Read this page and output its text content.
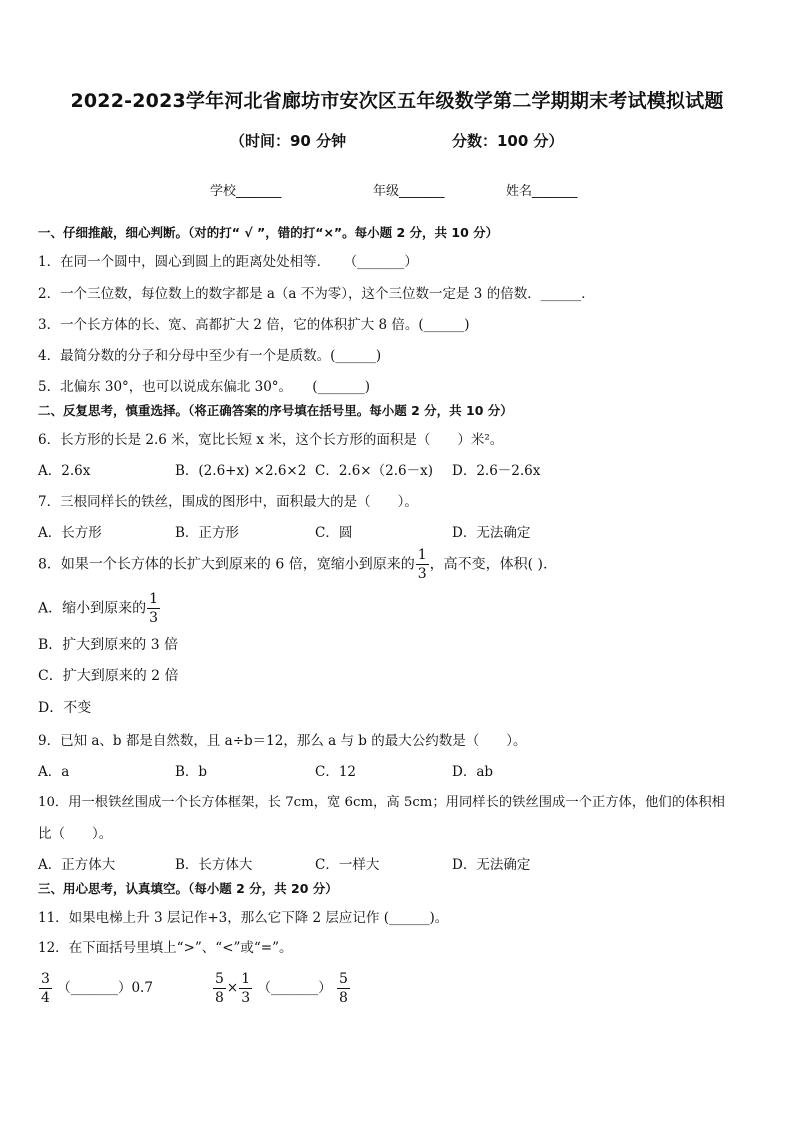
2022-2023学年河北省廊坊市安次区五年级数学第二学期期末考试模拟试题
（时间：90 分钟	分数：100 分）
学校_______	年级_______	姓名_______
一、仔细推敲，细心判断。（对的打“ √ ”，错的打“×”。每小题 2 分，共 10 分）
1．在同一个圆中，圆心到圆上的距离处处相等．　　（_______）
2．一个三位数，每位数上的数字都是 a（a 不为零），这个三位数一定是 3 的倍数．______．
3．一个长方体的长、宽、高都扩大 2 倍，它的体积扩大 8 倍。(______)
4．最简分数的分子和分母中至少有一个是质数。(______)
5．北偏东 30°，也可以说成东偏北 30°。　　(_______)
二、反复思考，慎重选择。（将正确答案的序号填在括号里。每小题 2 分，共 10 分）
6．长方形的长是 2.6 米，宽比长短 x 米，这个长方形的面积是（　　）米²。
A．2.6x	B．(2.6+x) ×2.6×2 C．2.6×（2.6－x) D．2.6－2.6x
7．三根同样长的铁丝，围成的图形中，面积最大的是（　　）。
A．长方形	B．正方形	C．圆	D．无法确定
8．如果一个长方体的长扩大到原来的 6 倍，宽缩小到原来的 $\frac{1}{3}$ ，高不变，体积( ).
A．缩小到原来的 $\frac{1}{3}$
B．扩大到原来的 3 倍
C．扩大到原来的 2 倍
D．不变
9．已知 a、b 都是自然数，且 a÷b＝12，那么 a 与 b 的最大公约数是（　　）。
A．a	B．b	C．12	D．ab
10．用一根铁丝围成一个长方体框架，长 7cm，宽 6cm，高 5cm；用同样长的铁丝围成一个正方体，他们的体积相
比（　　）。
A．正方体大	B．长方体大	C．一样大	D．无法确定
三、用心思考，认真填空。（每小题 2 分，共 20 分）
11．如果电梯上升 3 层记作+3，那么它下降 2 层应记作 (______)。
12．在下面括号里填上“>”、“<”或“=”。
$\frac{3}{4}$ （_______）0.7	$\frac{5}{8} \times \frac{1}{3}$ （_______） $\frac{5}{8}$
